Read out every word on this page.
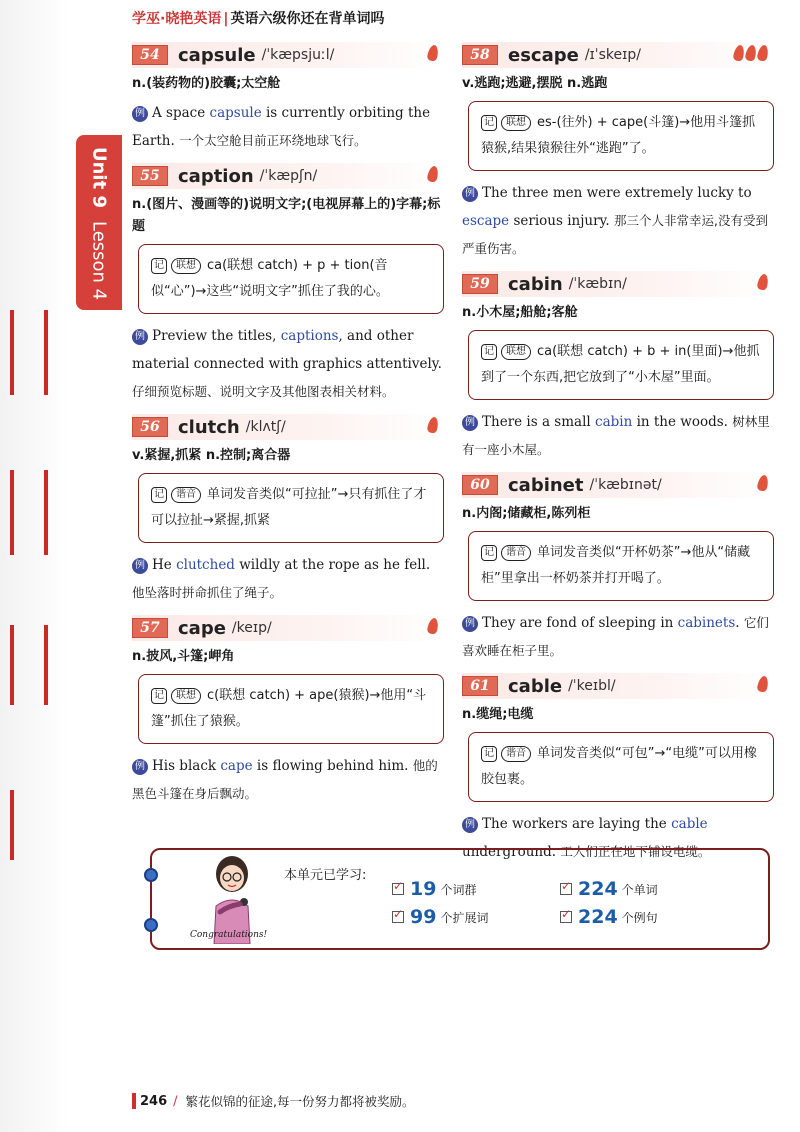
学巫·晓艳英语 | 英语六级你还在背单词吗
Unit 9

Lesson 4
54	capsule /ˈkæpsjuːl/
n.(装药物的)胶囊;太空舱
例 A space capsule is currently orbiting the Earth. 一个太空舱目前正环绕地球飞行。
55	caption /ˈkæpʃn/
n.(图片、漫画等的)说明文字;(电视屏幕上的)字幕;标题
记 联想 ca(联想 catch) + p + tion(音似“心”)→这些“说明文字”抓住了我的心。
例 Preview the titles, captions, and other material connected with graphics attentively. 仔细预览标题、说明文字及其他图表相关材料。
56	clutch /klʌtʃ/
v.紧握,抓紧 n.控制;离合器
记 谐音 单词发音类似“可拉扯”→只有抓住了才可以拉扯→紧握,抓紧
例 He clutched wildly at the rope as he fell. 他坠落时拼命抓住了绳子。
57	cape /keɪp/
n.披风,斗篷;岬角
记 联想 c(联想 catch) + ape(猿猴)→他用“斗篷”抓住了猿猴。
例 His black cape is flowing behind him. 他的黑色斗篷在身后飘动。
58	escape /ɪˈskeɪp/
v.逃跑;逃避,摆脱 n.逃跑
记 联想 es-(往外) + cape(斗篷)→他用斗篷抓猿猴,结果猿猴往外“逃跑”了。
例 The three men were extremely lucky to escape serious injury. 那三个人非常幸运,没有受到严重伤害。
59	cabin /ˈkæbɪn/
n.小木屋;船舱;客舱
记 联想 ca(联想 catch) + b + in(里面)→他抓到了一个东西,把它放到了“小木屋”里面。
例 There is a small cabin in the woods. 树林里有一座小木屋。
60	cabinet /ˈkæbɪnət/
n.内阁;储藏柜,陈列柜
记 谐音 单词发音类似“开杯奶茶”→他从“储藏柜”里拿出一杯奶茶并打开喝了。
例 They are fond of sleeping in cabinets. 它们喜欢睡在柜子里。
61	cable /ˈkeɪbl/
n.缆绳;电缆
记 谐音 单词发音类似“可包”→“电缆”可以用橡胶包裹。
例 The workers are laying the cable underground. 工人们正在地下铺设电缆。
Congratulations!
本单元已学习:
✓
19 个词群 ✓	224 个单词
✓
99 个扩展词 ✓	224 个例句
246 / 繁花似锦的征途,每一份努力都将被奖励。
